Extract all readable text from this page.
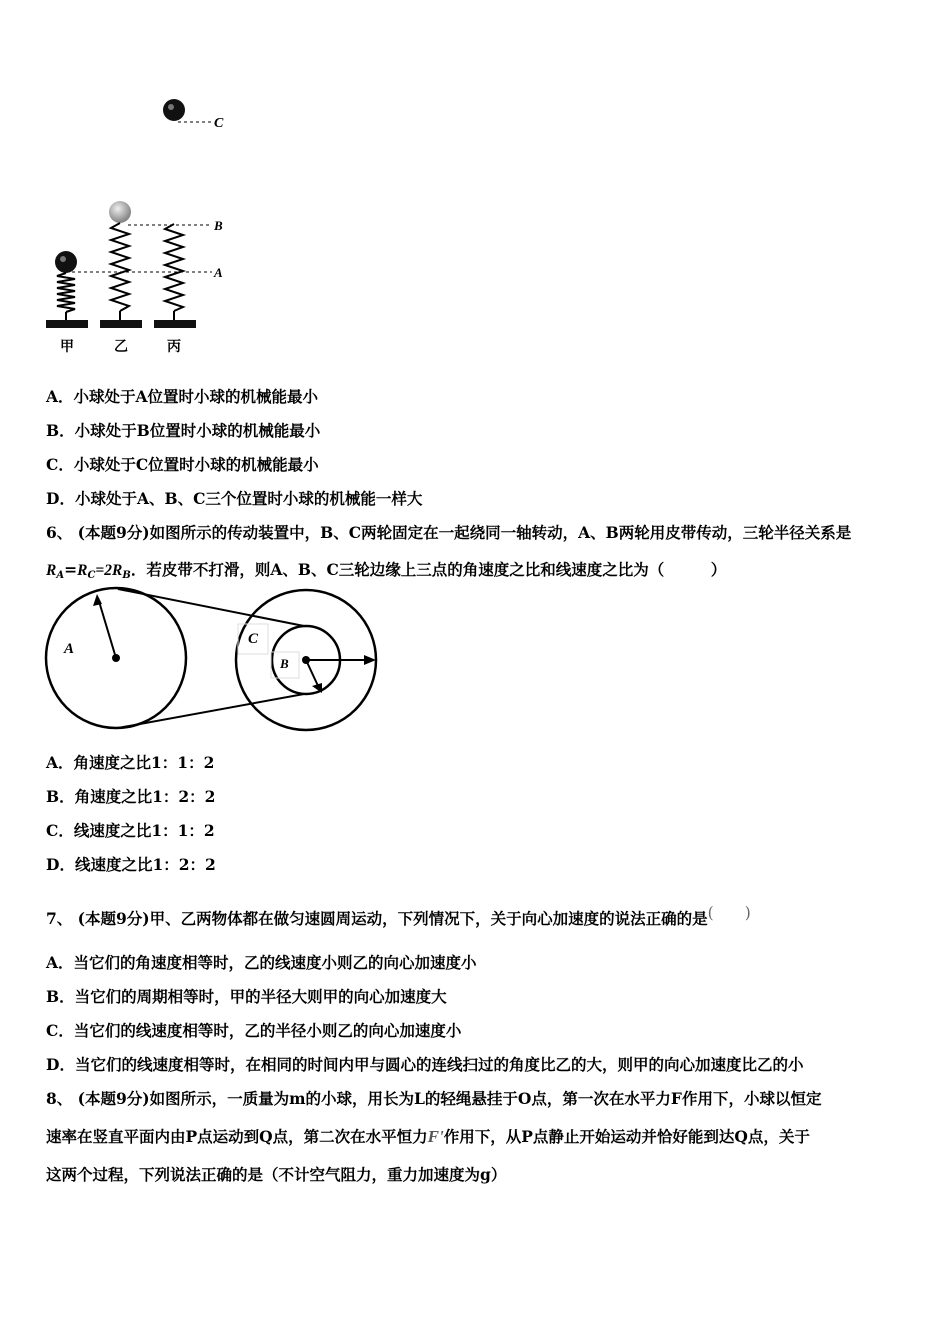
C
B
A
甲	乙	丙
A
C
B
A．小球处于A位置时小球的机械能最小
B．小球处于B位置时小球的机械能最小
C．小球处于C位置时小球的机械能最小
D．小球处于A、B、C三个位置时小球的机械能一样大
6、 (本题9分)如图所示的传动装置中，B、C两轮固定在一起绕同一轴转动，A、B两轮用皮带传动，三轮半径关系是
$R_A=R_C=2R_B$．若皮带不打滑，则A、B、C三轮边缘上三点的角速度之比和线速度之比为（　　　）
A．角速度之比1：1：2
B．角速度之比1：2：2
C．线速度之比1：1：2
D．线速度之比1：2：2
7、 (本题9分)甲、乙两物体都在做匀速圆周运动，下列情况下，关于向心加速度的说法正确的是(　　)
A．当它们的角速度相等时，乙的线速度小则乙的向心加速度小
B．当它们的周期相等时，甲的半径大则甲的向心加速度大
C．当它们的线速度相等时，乙的半径小则乙的向心加速度小
D．当它们的线速度相等时，在相同的时间内甲与圆心的连线扫过的角度比乙的大，则甲的向心加速度比乙的小
8、 (本题9分)如图所示，一质量为m的小球，用长为L的轻绳悬挂于O点，第一次在水平力F作用下，小球以恒定
速率在竖直平面内由P点运动到Q点，第二次在水平恒力F'作用下，从P点静止开始运动并恰好能到达Q点，关于
这两个过程，下列说法正确的是（不计空气阻力，重力加速度为g）
